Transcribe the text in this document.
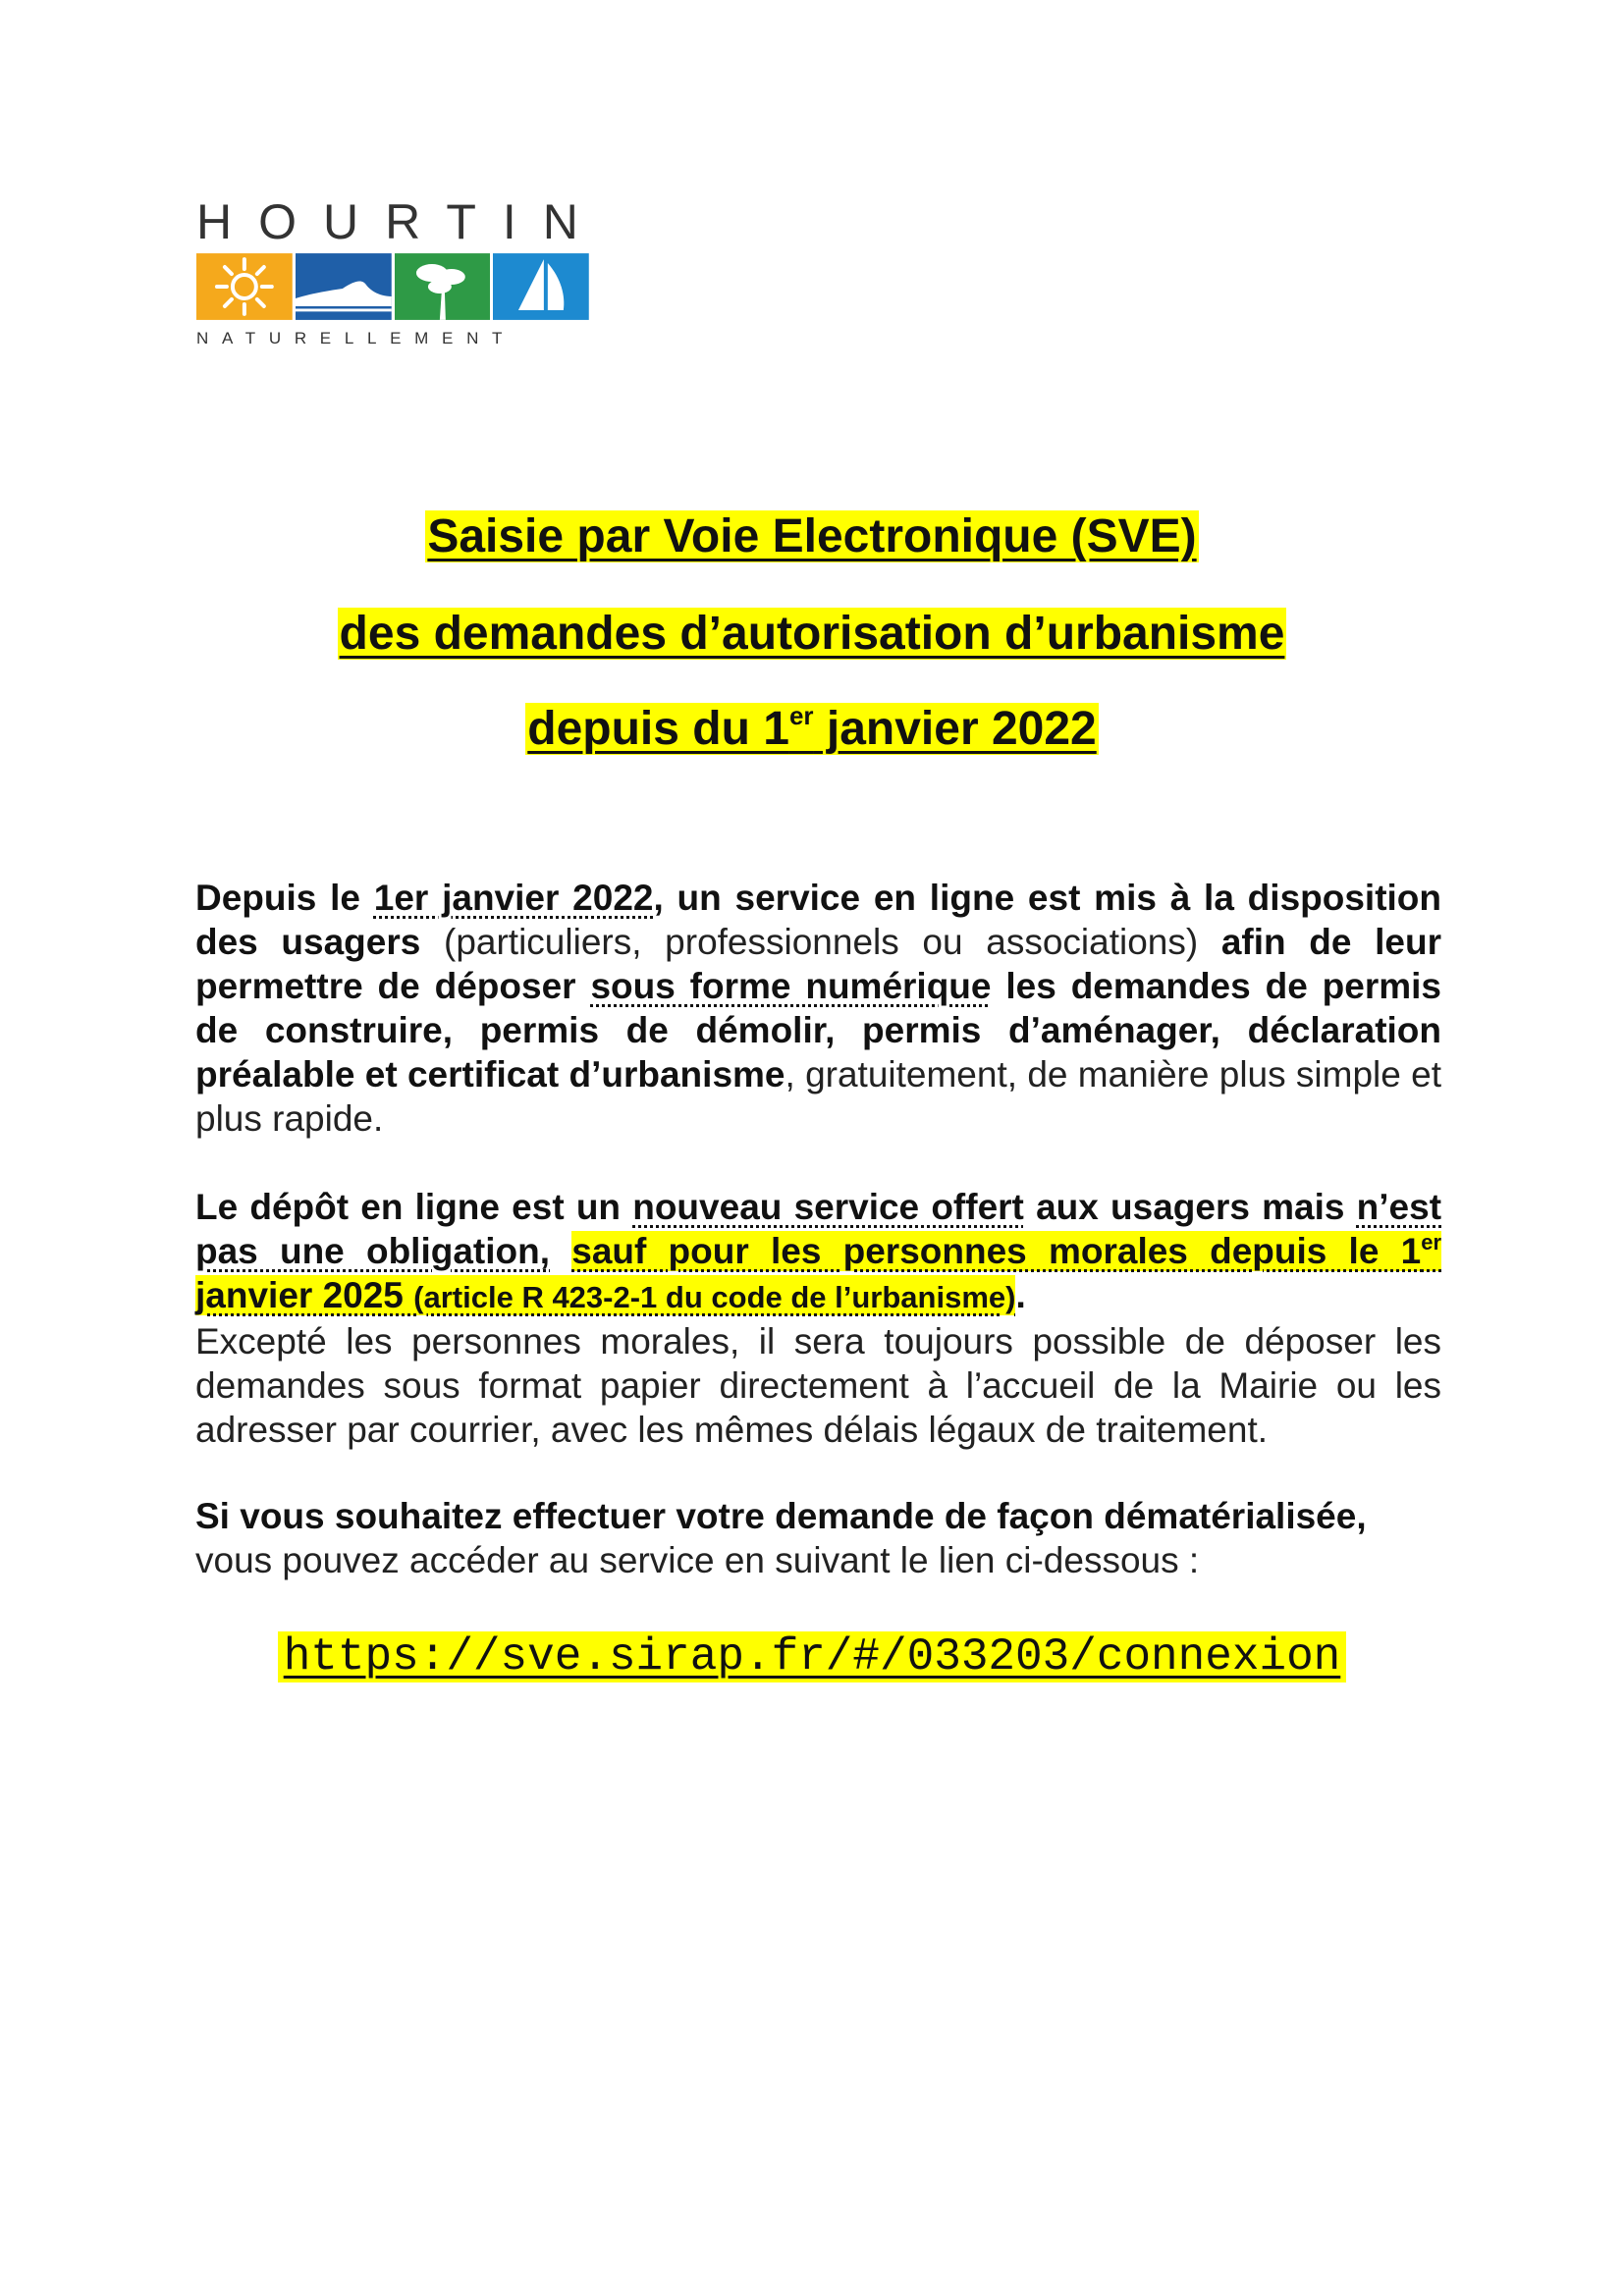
HOURTIN
NATURELLEMENT
Saisie par Voie Electronique (SVE)
des demandes d’autorisation d’urbanisme
depuis du 1er janvier 2022
Depuis le 1er janvier 2022, un service en ligne est mis à la disposition des usagers (particuliers, professionnels ou associations) afin de leur permettre de déposer sous forme numérique les demandes de permis de construire, permis de démolir, permis d’aménager, déclaration préalable et certificat d’urbanisme, gratuitement, de manière plus simple et plus rapide.
Le dépôt en ligne est un nouveau service offert aux usagers mais n’est pas une obligation, sauf pour les personnes morales depuis le 1er janvier 2025 (article R 423-2-1 du code de l’urbanisme).
Excepté les personnes morales, il sera toujours possible de déposer les demandes sous format papier directement à l’accueil de la Mairie ou les adresser par courrier, avec les mêmes délais légaux de traitement.
Si vous souhaitez effectuer votre demande de façon dématérialisée,
vous pouvez accéder au service en suivant le lien ci-dessous :
https://sve.sirap.fr/#/033203/connexion
